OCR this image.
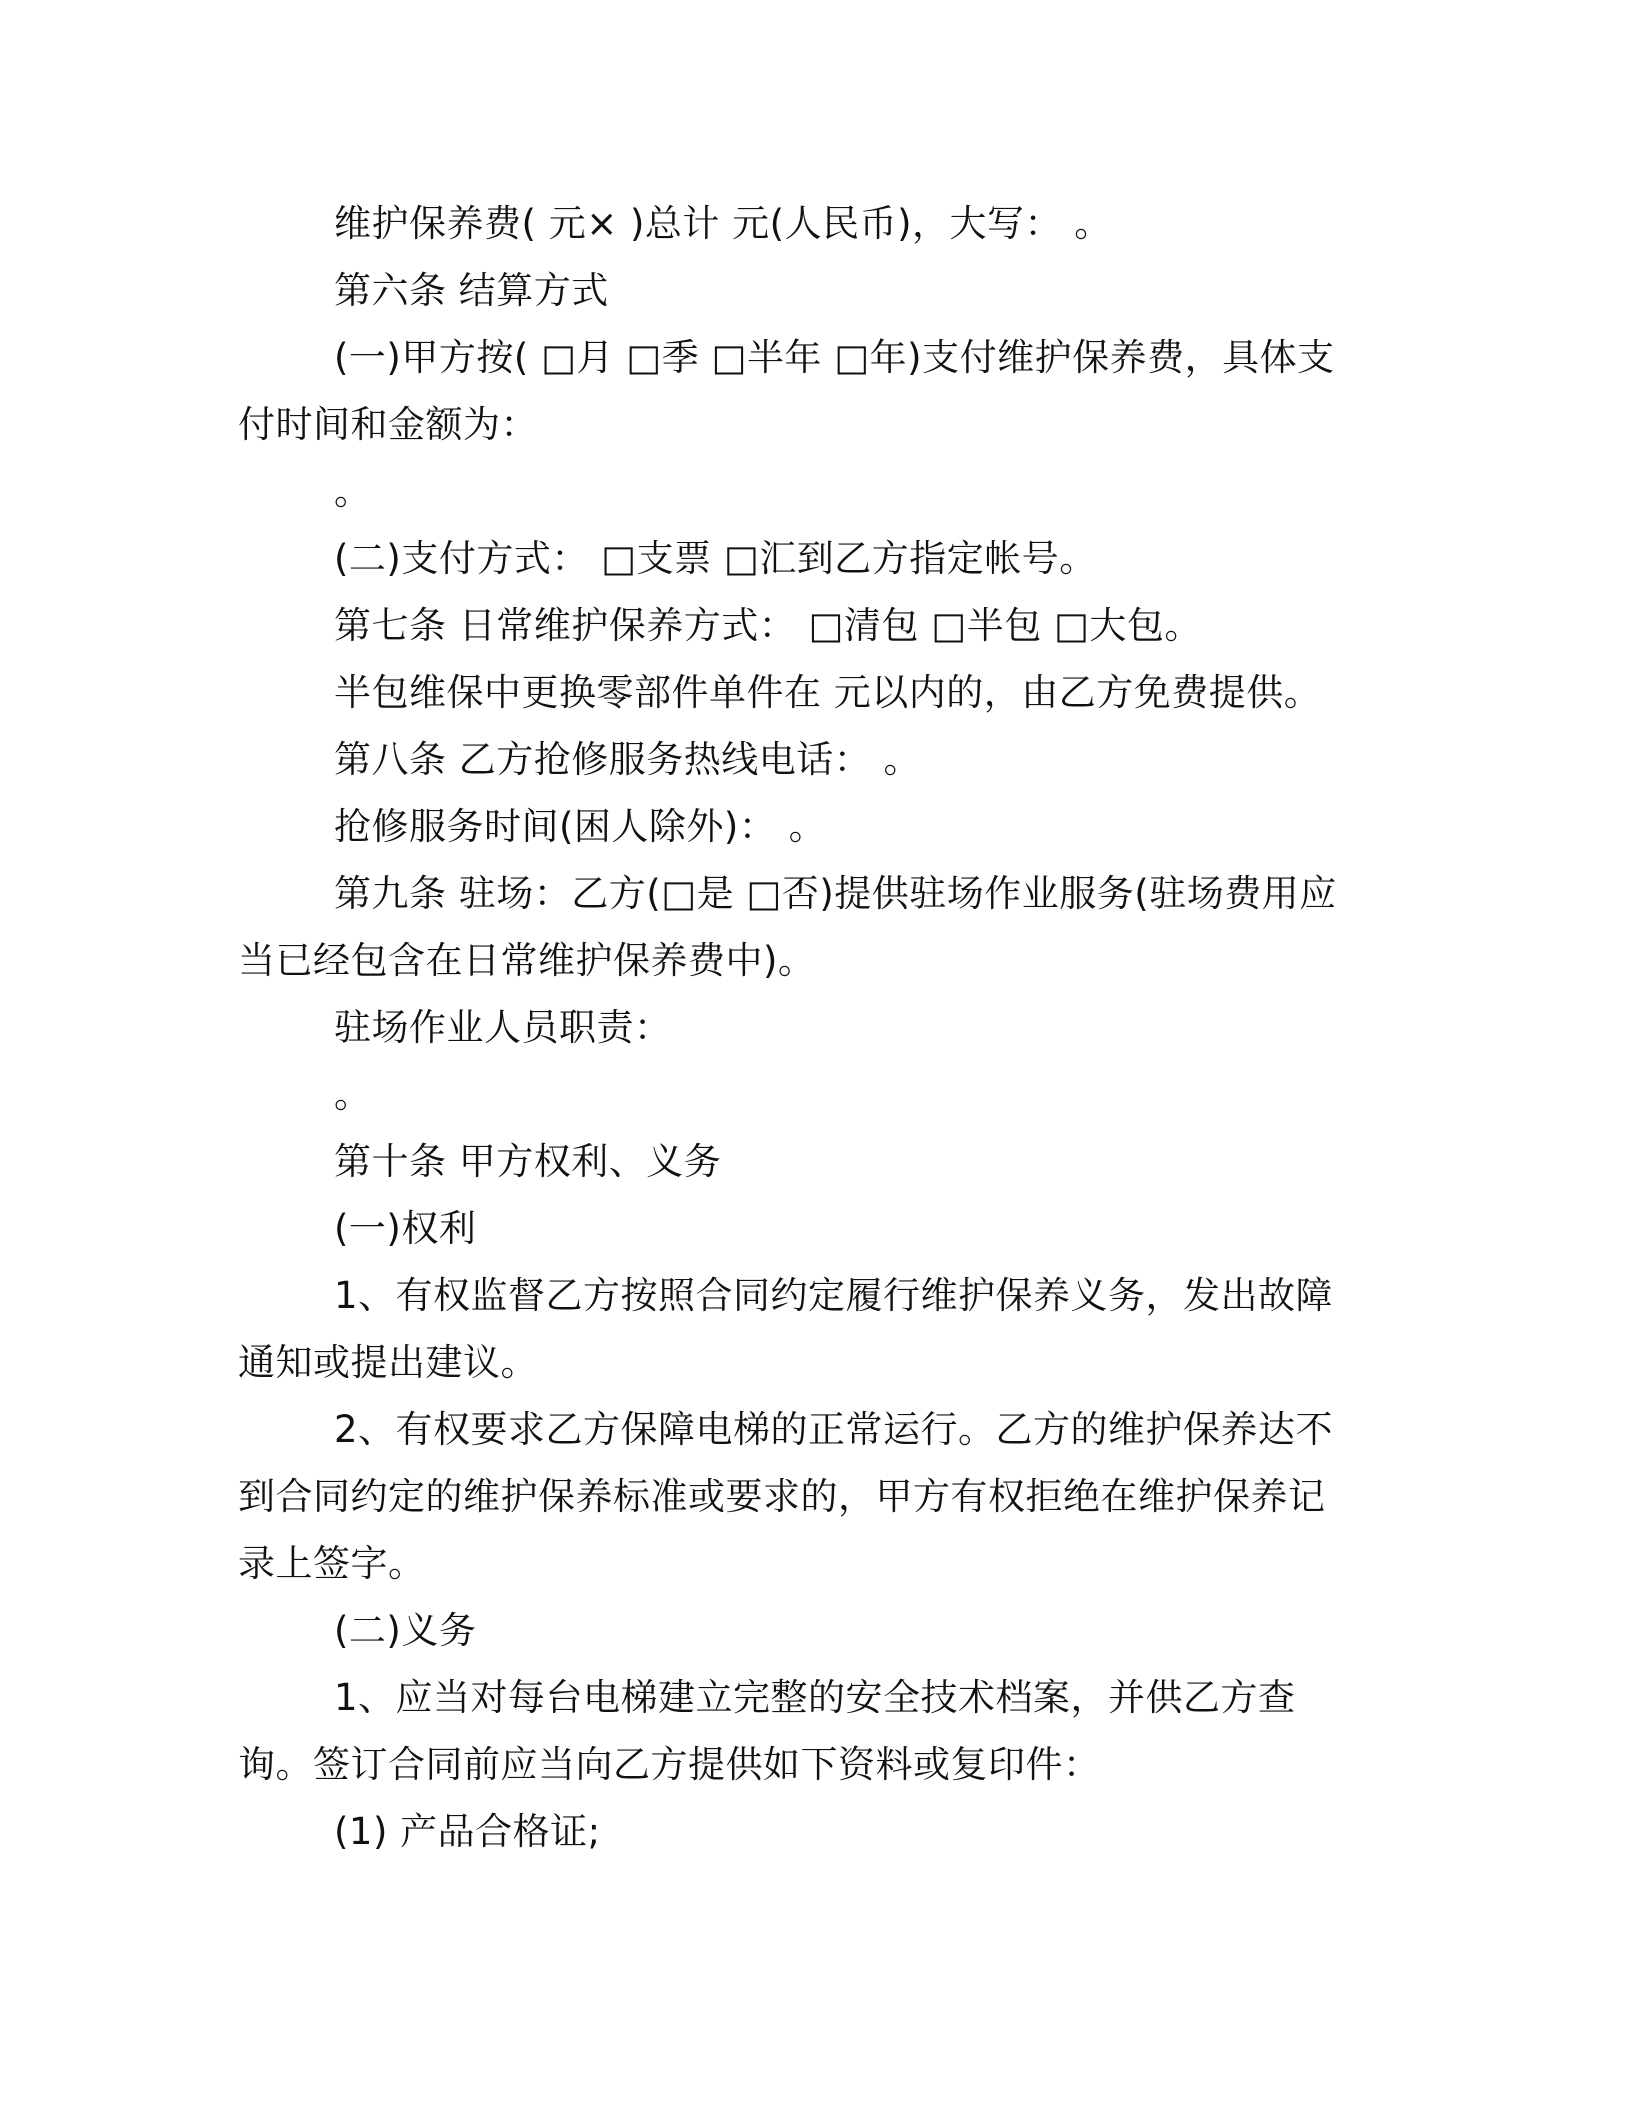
维护保养费( 元× )总计 元(人民币)，大写： 。

第六条 结算方式

(一)甲方按( □月 □季 □半年 □年)支付维护保养费，具体支付时间和金额为：

。

(二)支付方式： □支票 □汇到乙方指定帐号。

第七条 日常维护保养方式： □清包 □半包 □大包。

半包维保中更换零部件单件在 元以内的，由乙方免费提供。

第八条 乙方抢修服务热线电话： 。

抢修服务时间(困人除外)： 。

第九条 驻场：乙方(□是 □否)提供驻场作业服务(驻场费用应当已经包含在日常维护保养费中)。

驻场作业人员职责：

。

第十条 甲方权利、义务

(一)权利

1、有权监督乙方按照合同约定履行维护保养义务，发出故障通知或提出建议。

2、有权要求乙方保障电梯的正常运行。乙方的维护保养达不到合同约定的维护保养标准或要求的，甲方有权拒绝在维护保养记录上签字。

(二)义务

1、应当对每台电梯建立完整的安全技术档案，并供乙方查询。签订合同前应当向乙方提供如下资料或复印件：

(1) 产品合格证;
